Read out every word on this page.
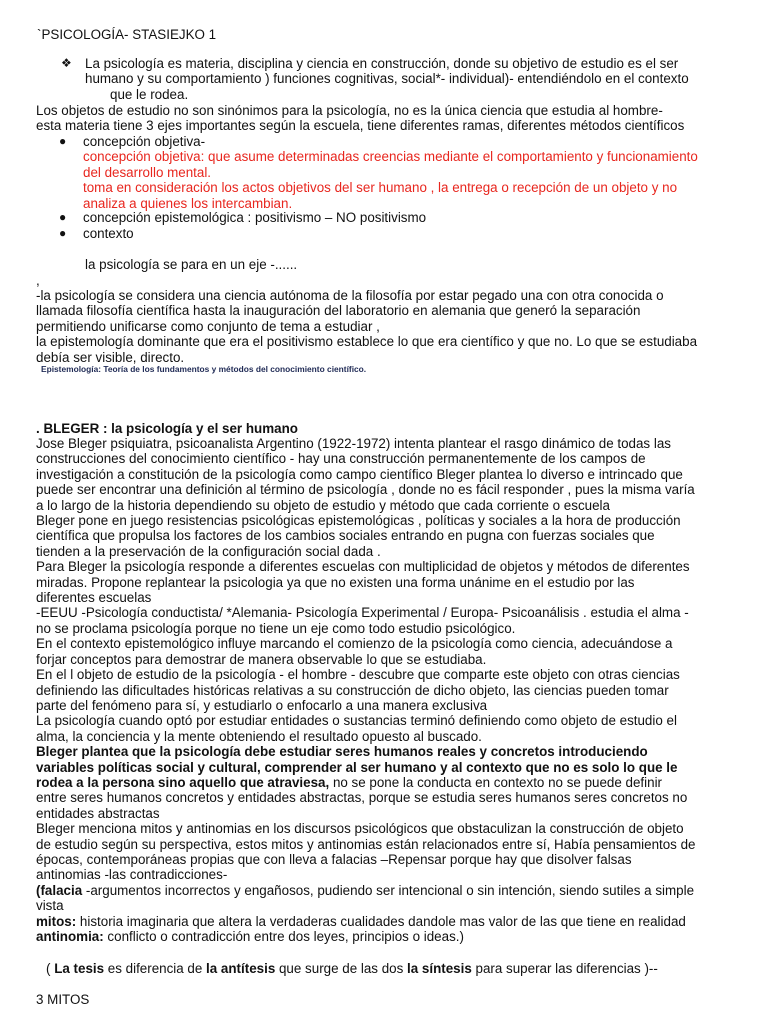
`PSICOLOGÍA- STASIEJKO 1
❖ La psicología es materia, disciplina y ciencia en construcción, donde su objetivo de estudio es el ser
humano y su comportamiento ) funciones cognitivas, social*- individual)- entendiéndolo en el contexto
que le rodea.
Los objetos de estudio no son sinónimos para la psicología, no es la única ciencia que estudia al hombre-
esta materia tiene 3 ejes importantes según la escuela, tiene diferentes ramas, diferentes métodos científicos
● concepción objetiva-
concepción objetiva: que asume determinadas creencias mediante el comportamiento y funcionamiento
del desarrollo mental.
toma en consideración los actos objetivos del ser humano , la entrega o recepción de un objeto y no
analiza a quienes los intercambian.
● concepción epistemológica : positivismo – NO positivismo
● contexto
la psicología se para en un eje -......
,
-la psicología se considera una ciencia autónoma de la filosofía por estar pegado una con otra conocida o
llamada filosofía científica hasta la inauguración del laboratorio en alemania que generó la separación
permitiendo unificarse como conjunto de tema a estudiar ,
la epistemología dominante que era el positivismo establece lo que era científico y que no. Lo que se estudiaba
debía ser visible, directo.
Epistemología: Teoría de los fundamentos y métodos del conocimiento científico.
. BLEGER : la psicología y el ser humano
Jose Bleger psiquiatra, psicoanalista Argentino (1922-1972) intenta plantear el rasgo dinámico de todas las
construcciones del conocimiento científico - hay una construcción permanentemente de los campos de
investigación a constitución de la psicología como campo científico Bleger plantea lo diverso e intrincado que
puede ser encontrar una definición al término de psicología , donde no es fácil responder , pues la misma varía
a lo largo de la historia dependiendo su objeto de estudio y método que cada corriente o escuela
Bleger pone en juego resistencias psicológicas epistemológicas , políticas y sociales a la hora de producción
científica que propulsa los factores de los cambios sociales entrando en pugna con fuerzas sociales que
tienden a la preservación de la configuración social dada .
Para Bleger la psicología responde a diferentes escuelas con multiplicidad de objetos y métodos de diferentes
miradas. Propone replantear la psicologia ya que no existen una forma unánime en el estudio por las
diferentes escuelas
-EEUU -Psicología conductista/ *Alemania- Psicología Experimental / Europa- Psicoanálisis . estudia el alma -
no se proclama psicología porque no tiene un eje como todo estudio psicológico.
En el contexto epistemológico influye marcando el comienzo de la psicología como ciencia, adecuándose a
forjar conceptos para demostrar de manera observable lo que se estudiaba.
En el l objeto de estudio de la psicología - el hombre - descubre que comparte este objeto con otras ciencias
definiendo las dificultades históricas relativas a su construcción de dicho objeto, las ciencias pueden tomar
parte del fenómeno para sí, y estudiarlo o enfocarlo a una manera exclusiva
La psicología cuando optó por estudiar entidades o sustancias terminó definiendo como objeto de estudio el
alma, la conciencia y la mente obteniendo el resultado opuesto al buscado.
Bleger plantea que la psicología debe estudiar seres humanos reales y concretos introduciendo
variables políticas social y cultural, comprender al ser humano y al contexto que no es solo lo que le
rodea a la persona sino aquello que atraviesa, no se pone la conducta en contexto no se puede definir
entre seres humanos concretos y entidades abstractas, porque se estudia seres humanos seres concretos no
entidades abstractas
Bleger menciona mitos y antinomias en los discursos psicológicos que obstaculizan la construcción de objeto
de estudio según su perspectiva, estos mitos y antinomias están relacionados entre sí, Había pensamientos de
épocas, contemporáneas propias que con lleva a falacias –Repensar porque hay que disolver falsas
antinomias -las contradicciones-
(falacia -argumentos incorrectos y engañosos, pudiendo ser intencional o sin intención, siendo sutiles a simple
vista
mitos: historia imaginaria que altera la verdaderas cualidades dandole mas valor de las que tiene en realidad
antinomia: conflicto o contradicción entre dos leyes, principios o ideas.)
( La tesis es diferencia de la antítesis que surge de las dos la síntesis para superar las diferencias )--
3 MITOS
